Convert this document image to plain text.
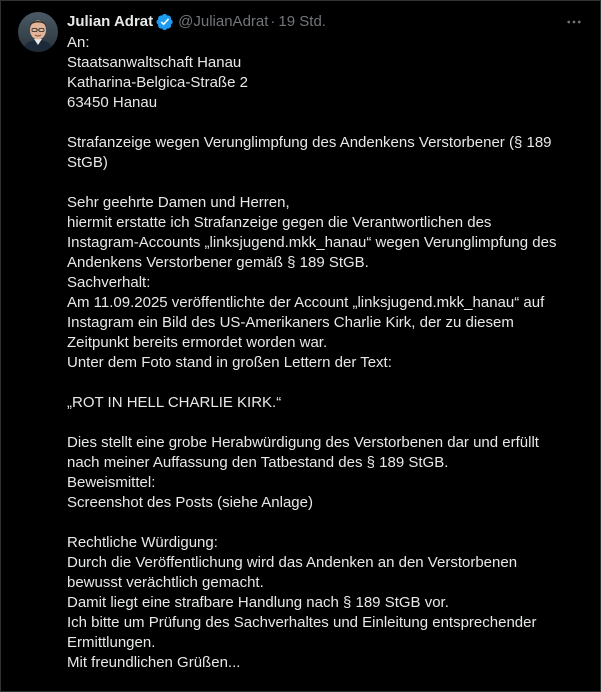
Julian Adrat @JulianAdrat · 19 Std.
An:
Staatsanwaltschaft Hanau
Katharina-Belgica-Straße 2
63450 Hanau
Strafanzeige wegen Verunglimpfung des Andenkens Verstorbener (§ 189
StGB)
Sehr geehrte Damen und Herren,
hiermit erstatte ich Strafanzeige gegen die Verantwortlichen des
Instagram-Accounts „linksjugend.mkk_hanau“ wegen Verunglimpfung des
Andenkens Verstorbener gemäß § 189 StGB.
Sachverhalt:
Am 11.09.2025 veröffentlichte der Account „linksjugend.mkk_hanau“ auf
Instagram ein Bild des US-Amerikaners Charlie Kirk, der zu diesem
Zeitpunkt bereits ermordet worden war.
Unter dem Foto stand in großen Lettern der Text:
„ROT IN HELL CHARLIE KIRK.“
Dies stellt eine grobe Herabwürdigung des Verstorbenen dar und erfüllt
nach meiner Auffassung den Tatbestand des § 189 StGB.
Beweismittel:
Screenshot des Posts (siehe Anlage)
Rechtliche Würdigung:
Durch die Veröffentlichung wird das Andenken an den Verstorbenen
bewusst verächtlich gemacht.
Damit liegt eine strafbare Handlung nach § 189 StGB vor.
Ich bitte um Prüfung des Sachverhaltes und Einleitung entsprechender
Ermittlungen.
Mit freundlichen Grüßen...
